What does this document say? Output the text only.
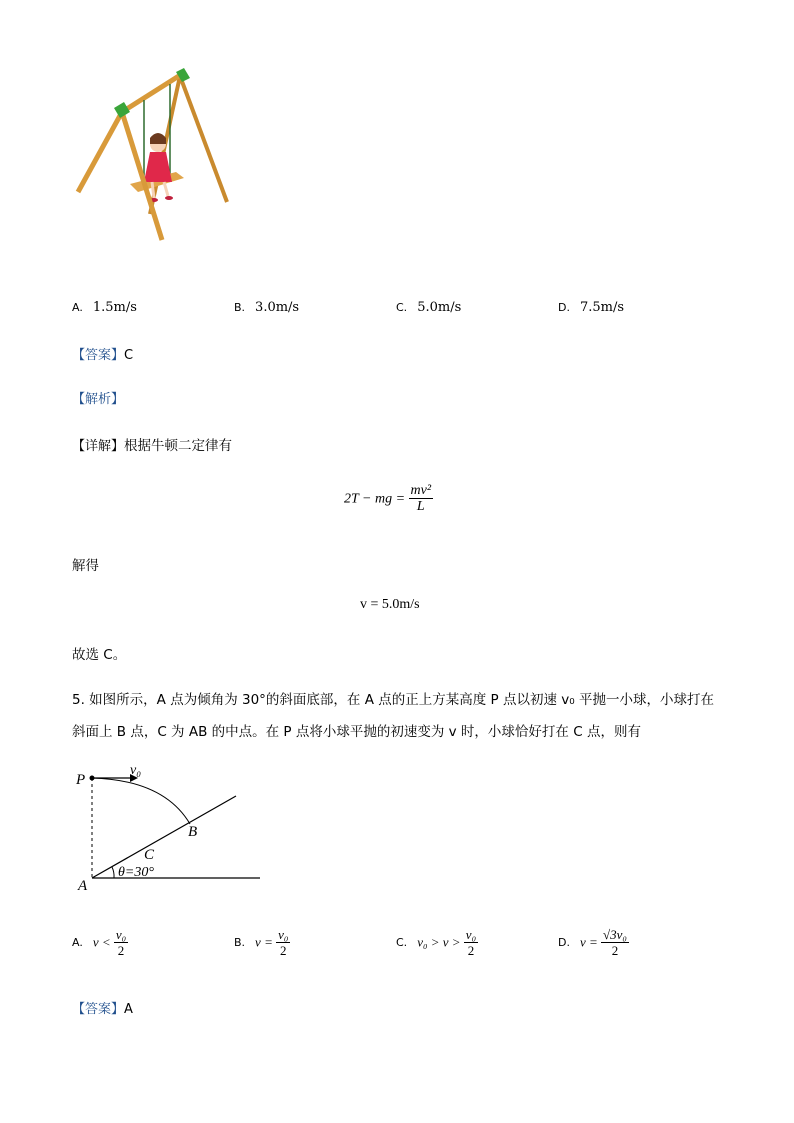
A. 1.5m/s	B. 3.0m/s	C. 5.0m/s	D. 7.5m/s
【答案】C
【解析】
【详解】根据牛顿二定律有
2T − mg = $\frac{\text{mv²}}{L}$
解得
v = 5.0m/s
故选 C。
5. 如图所示，A 点为倾角为 30°的斜面底部，在 A 点的正上方某高度 P 点以初速 v₀ 平抛一小球，小球打在
斜面上 B 点，C 为 AB 的中点。在 P 点将小球平抛的初速变为 v 时，小球恰好打在 C 点，则有
P
v₀
B
C
A
θ=30°
A. $v < \frac{\text{v₀}}{2}$	B. $v = \frac{\text{v₀}}{2}$	C. $v_0 > v > \frac{\text{v₀}}{2}$	D. $v = \frac{\text{√3v₀}}{2}$
【答案】A
